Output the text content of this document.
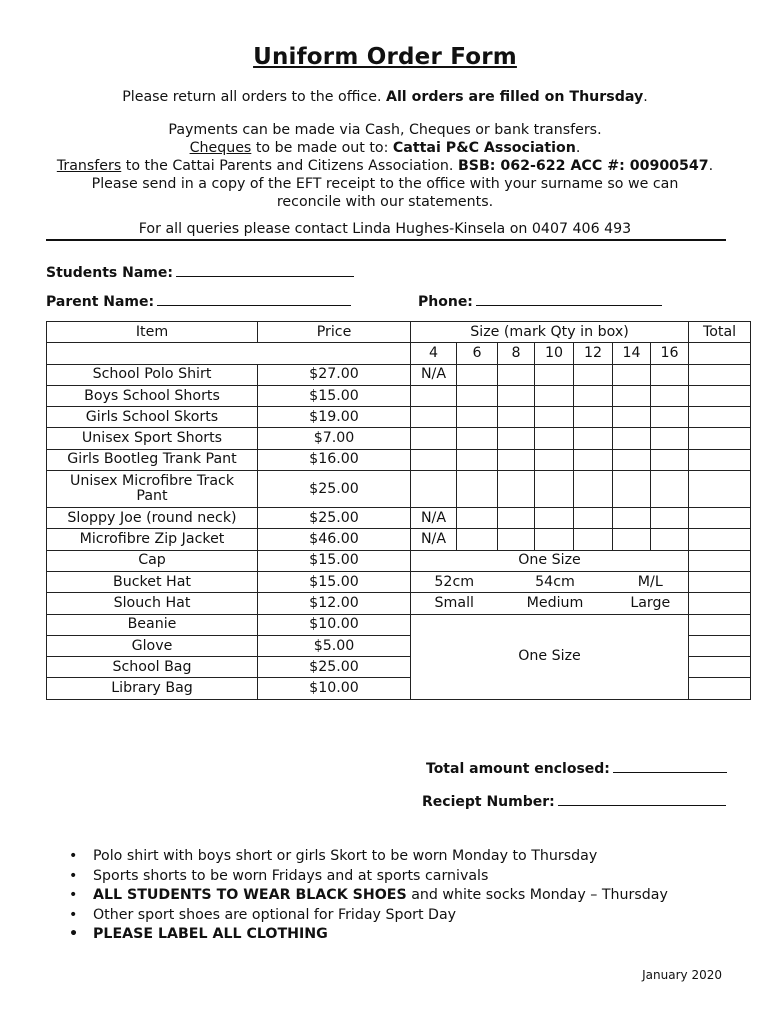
Uniform Order Form
Please return all orders to the office. All orders are filled on Thursday.
Payments can be made via Cash, Cheques or bank transfers.
Cheques to be made out to: Cattai P&C Association.
Transfers to the Cattai Parents and Citizens Association. BSB: 062-622 ACC #: 00900547.
Please send in a copy of the EFT receipt to the office with your surname so we can
reconcile with our statements.
For all queries please contact Linda Hughes-Kinsela on 0407 406 493
Students Name:
Parent Name:	Phone:
Item	Price	Size (mark Qty in box)							Total
		4	6	8	10	12	14	16	
School Polo Shirt	$27.00	N/A							
Boys School Shorts	$15.00								
Girls School Skorts	$19.00								
Unisex Sport Shorts	$7.00								
Girls Bootleg Trank Pant	$16.00								
Unisex Microfibre Track Pant	$25.00								
Sloppy Joe (round neck)	$25.00	N/A							
Microfibre Zip Jacket	$46.00	N/A							
Cap	$15.00	One Size							
Bucket Hat	$15.00	52cm		54cm			M/L		
Slouch Hat	$12.00	Small		Medium			Large		
Beanie	$10.00	One Size							
Glove	$5.00								
School Bag	$25.00								
Library Bag	$10.00								
Total amount enclosed:
Reciept Number:
• Polo shirt with boys short or girls Skort to be worn Monday to Thursday
• Sports shorts to be worn Fridays and at sports carnivals
• ALL STUDENTS TO WEAR BLACK SHOES and white socks Monday – Thursday
• Other sport shoes are optional for Friday Sport Day
• PLEASE LABEL ALL CLOTHING
January 2020
